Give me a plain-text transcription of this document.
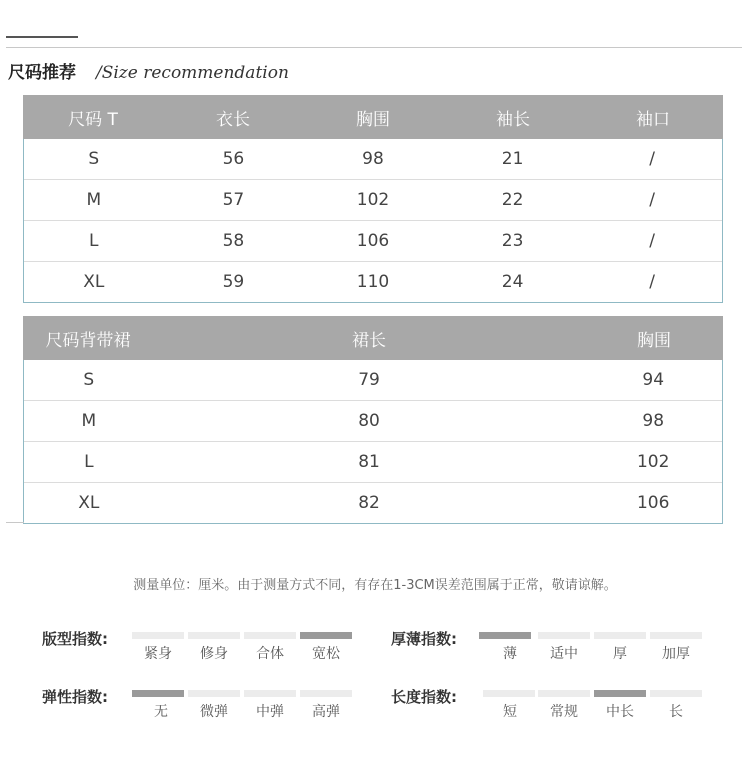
尺码推荐 /Size recommendation
尺码 T	衣长	胸围	袖长	袖口
S	56	98	21	/
M	57	102	22	/
L	58	106	23	/
XL	59	110	24	/
尺码背带裙	裙长	胸围
S	79	94
M	80	98
L	81	102
XL	82	106
测量单位：厘米。由于测量方式不同，有存在1-3CM误差范围属于正常，敬请谅解。
版型指数:
紧身	修身	合体	宽松
厚薄指数:
薄	适中	厚	加厚
弹性指数:
无	微弹	中弹	高弹
长度指数:
短	常规	中长	长
